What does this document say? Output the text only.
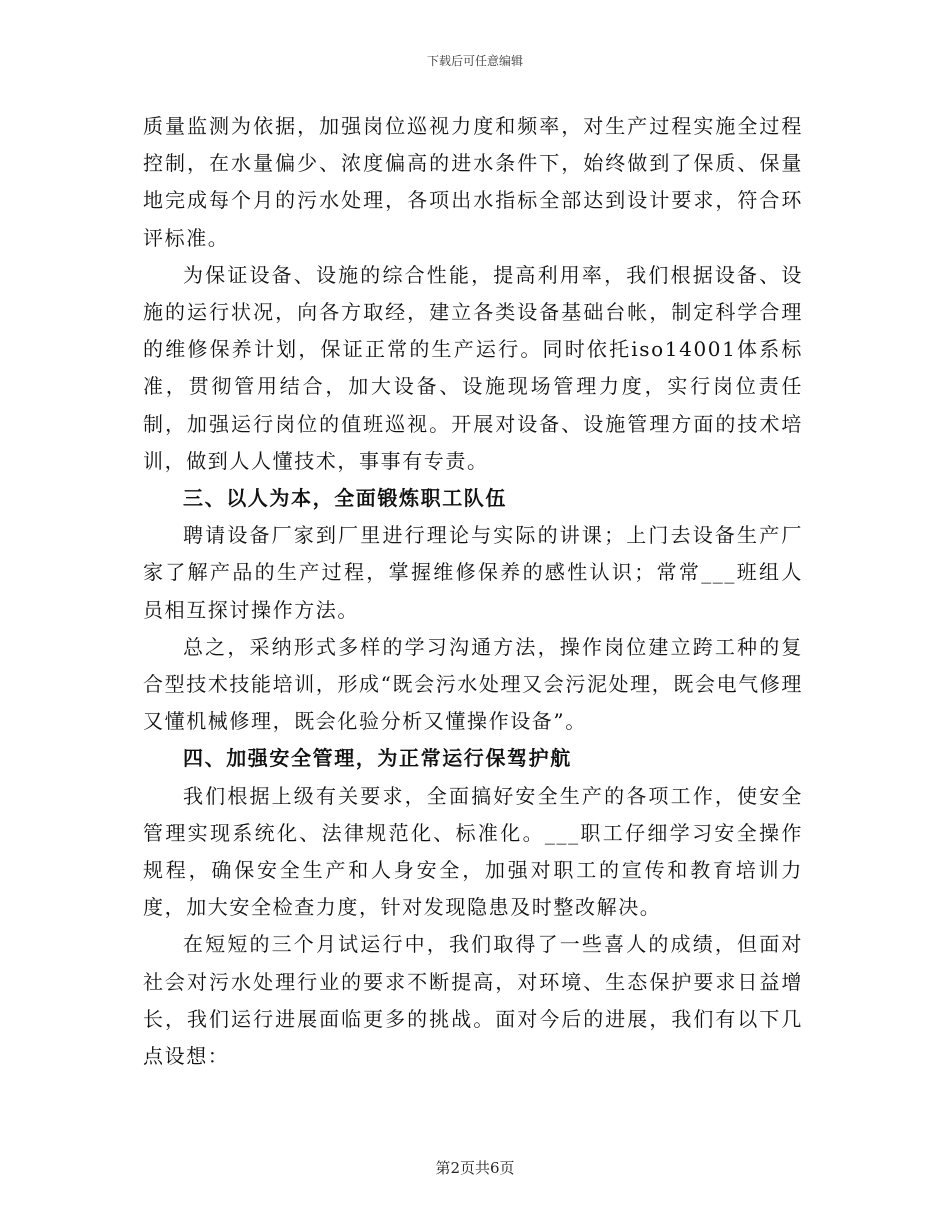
下载后可任意编辑

质量监测为依据，加强岗位巡视力度和频率，对生产过程实施全过程控制，在水量偏少、浓度偏高的进水条件下，始终做到了保质、保量地完成每个月的污水处理，各项出水指标全部达到设计要求，符合环评标准。

为保证设备、设施的综合性能，提高利用率，我们根据设备、设施的运行状况，向各方取经，建立各类设备基础台帐，制定科学合理的维修保养计划，保证正常的生产运行。同时依托iso14001体系标准，贯彻管用结合，加大设备、设施现场管理力度，实行岗位责任制，加强运行岗位的值班巡视。开展对设备、设施管理方面的技术培训，做到人人懂技术，事事有专责。

三、以人为本，全面锻炼职工队伍

聘请设备厂家到厂里进行理论与实际的讲课；上门去设备生产厂家了解产品的生产过程，掌握维修保养的感性认识；常常___班组人员相互探讨操作方法。

总之，采纳形式多样的学习沟通方法，操作岗位建立跨工种的复合型技术技能培训，形成“既会污水处理又会污泥处理，既会电气修理又懂机械修理，既会化验分析又懂操作设备”。

四、加强安全管理，为正常运行保驾护航

我们根据上级有关要求，全面搞好安全生产的各项工作，使安全管理实现系统化、法律规范化、标准化。___职工仔细学习安全操作规程，确保安全生产和人身安全，加强对职工的宣传和教育培训力度，加大安全检查力度，针对发现隐患及时整改解决。

在短短的三个月试运行中，我们取得了一些喜人的成绩，但面对社会对污水处理行业的要求不断提高，对环境、生态保护要求日益增长，我们运行进展面临更多的挑战。面对今后的进展，我们有以下几点设想：

第2页共6页
